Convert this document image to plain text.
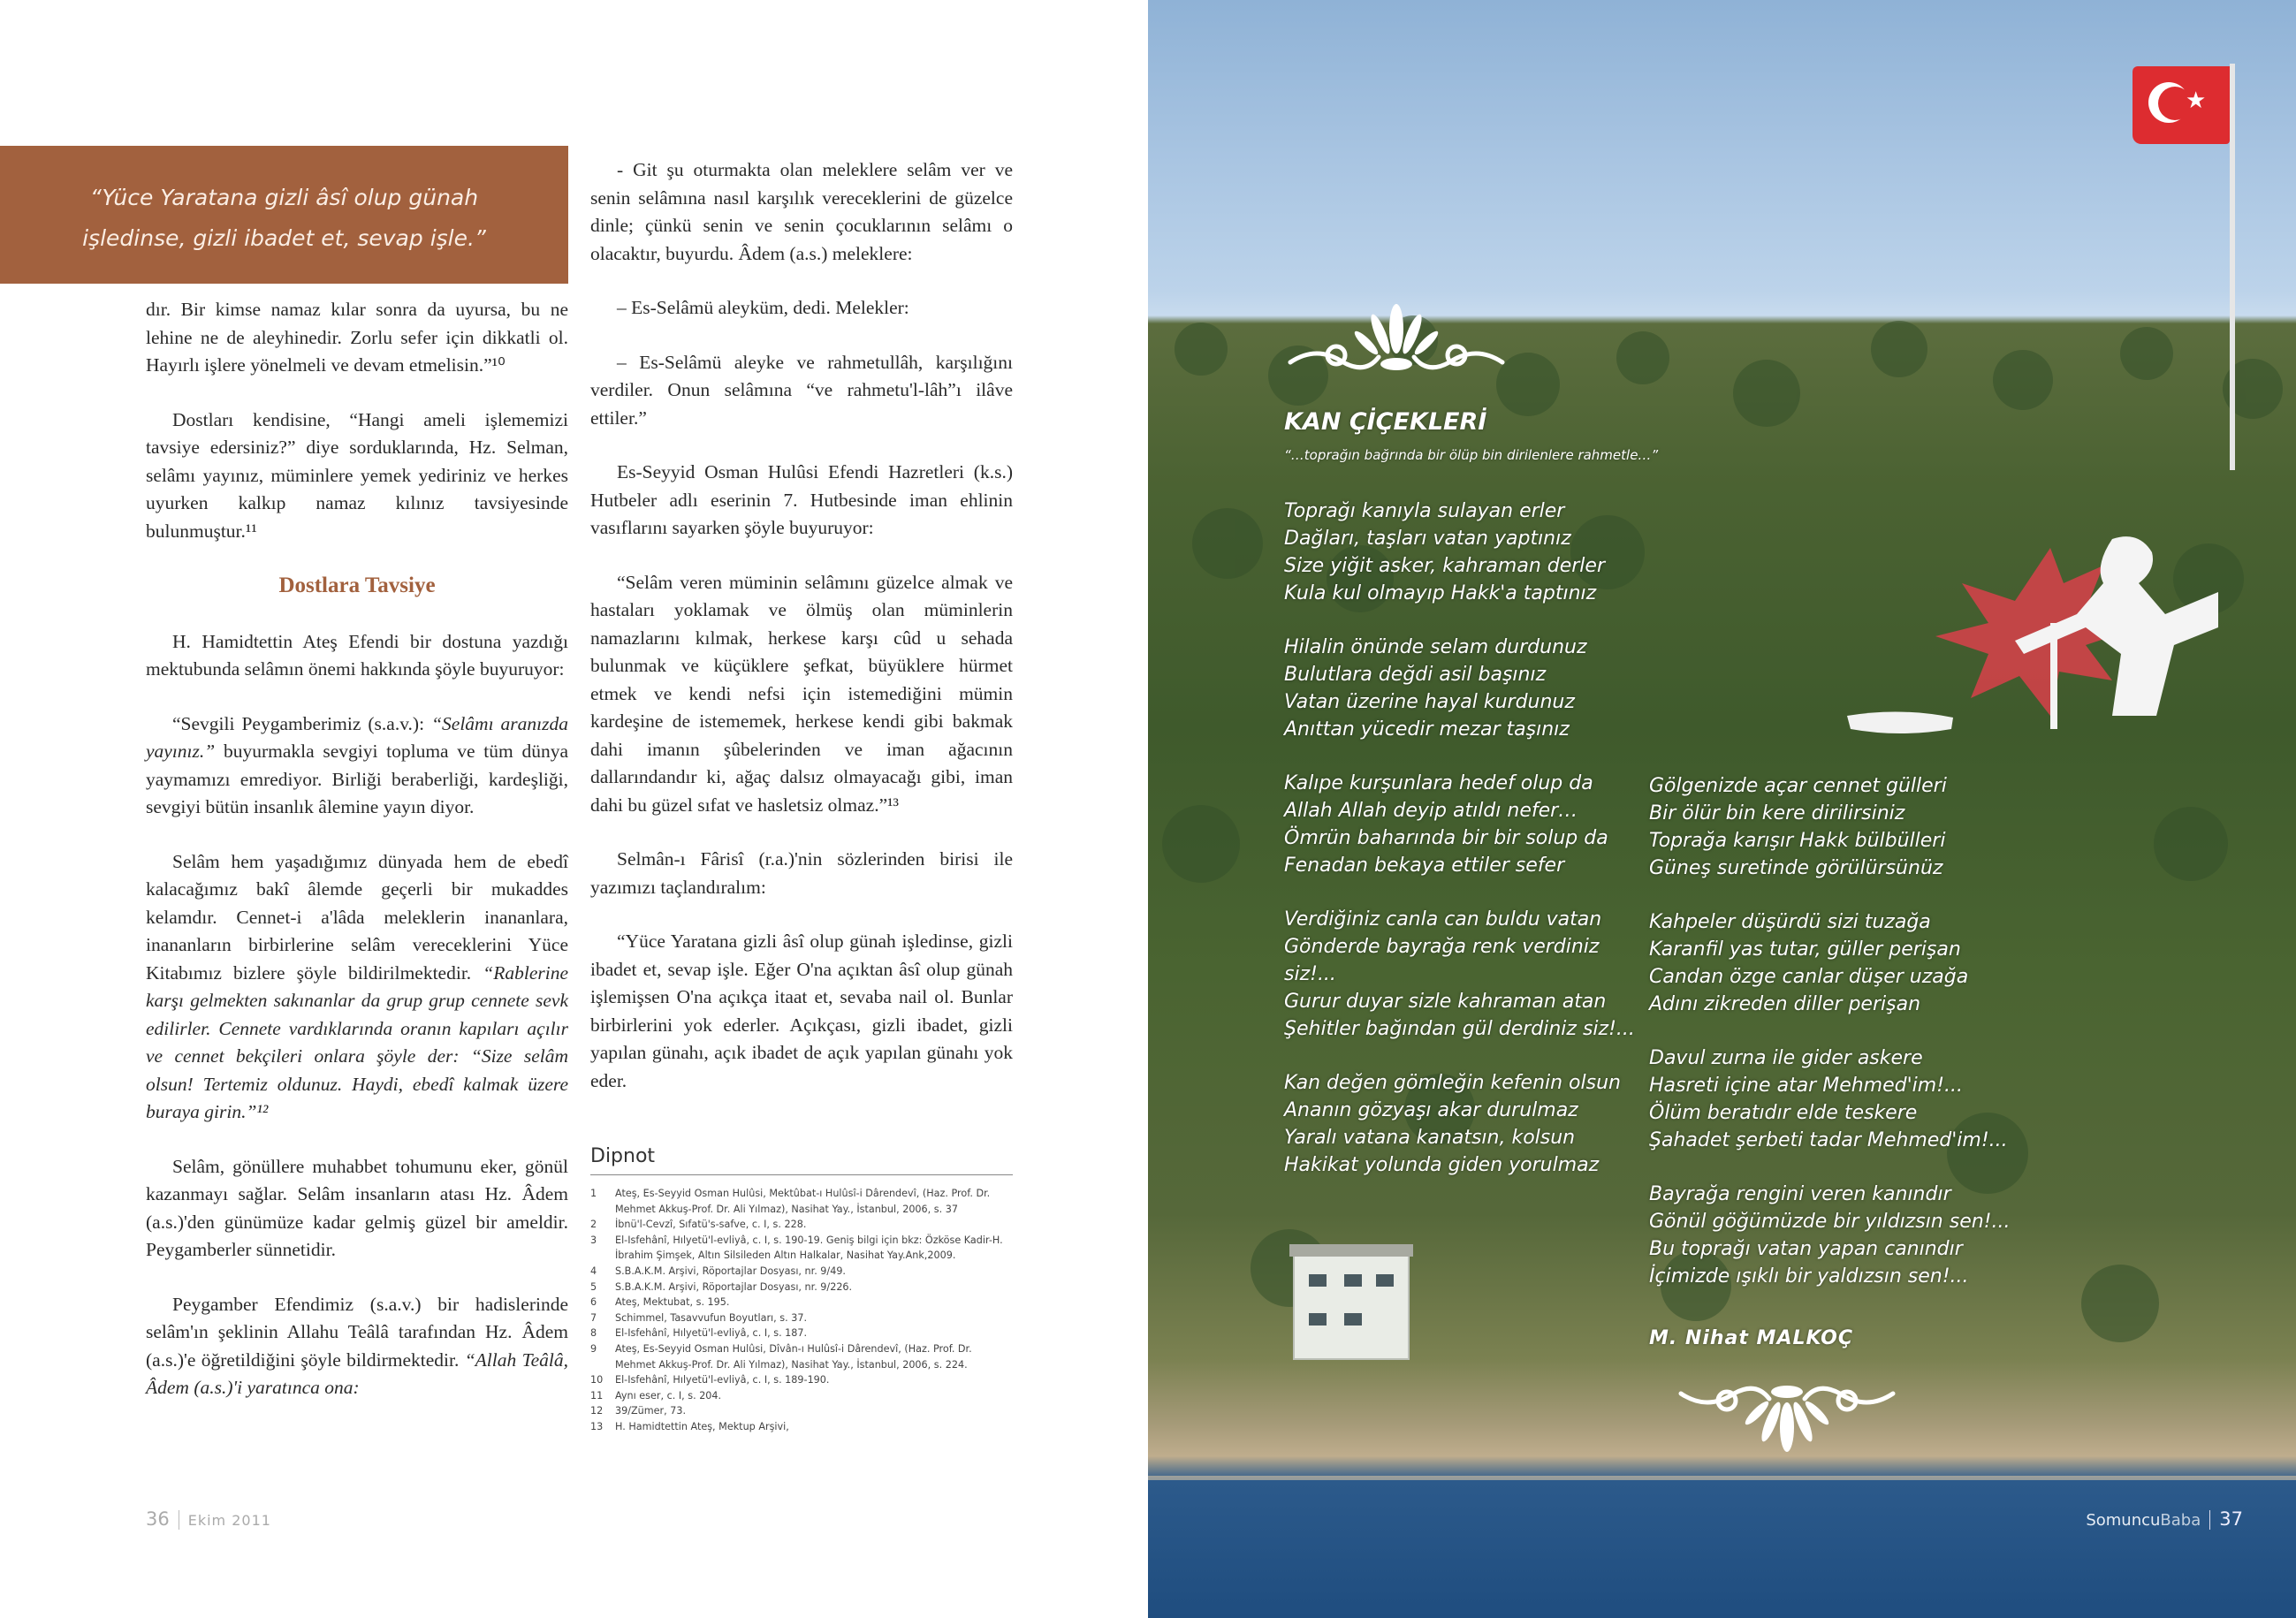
“Yüce Yaratana gizli âsî olup günah
işledinse, gizli ibadet et, sevap işle.”

dır. Bir kimse namaz kılar sonra da uyursa, bu ne lehine ne de aleyhinedir. Zorlu sefer için dikkatli ol. Hayırlı işlere yönelmeli ve devam etmelisin.”¹⁰

Dostları kendisine, “Hangi ameli işlememizi tavsiye edersiniz?” diye sorduklarında, Hz. Selman, selâmı yayınız, müminlere yemek yediriniz ve herkes uyurken kalkıp namaz kılınız tavsiyesinde bulunmuştur.¹¹

Dostlara Tavsiye

H. Hamidtettin Ateş Efendi bir dostuna yazdığı mektubunda selâmın önemi hakkında şöyle buyuruyor:

“Sevgili Peygamberimiz (s.a.v.): “Selâmı aranızda yayınız.” buyurmakla sevgiyi topluma ve tüm dünya yaymamızı emrediyor. Birliği beraberliği, kardeşliği, sevgiyi bütün insanlık âlemine yayın diyor.

Selâm hem yaşadığımız dünyada hem de ebedî kalacağımız bakî âlemde geçerli bir mukaddes kelamdır. Cennet-i a'lâda meleklerin inananlara, inananların birbirlerine selâm vereceklerini Yüce Kitabımız bizlere şöyle bildirilmektedir. “Rablerine karşı gelmekten sakınanlar da grup grup cennete sevk edilirler. Cennete vardıklarında oranın kapıları açılır ve cennet bekçileri onlara şöyle der: “Size selâm olsun! Tertemiz oldunuz. Haydi, ebedî kalmak üzere buraya girin.”¹²

Selâm, gönüllere muhabbet tohumunu eker, gönül kazanmayı sağlar. Selâm insanların atası Hz. Âdem (a.s.)'den günümüze kadar gelmiş güzel bir ameldir. Peygamberler sünnetidir.

Peygamber Efendimiz (s.a.v.) bir hadislerinde selâm'ın şeklinin Allahu Teâlâ tarafından Hz. Âdem (a.s.)'e öğretildiğini şöyle bildirmektedir. “Allah Teâlâ, Âdem (a.s.)'i yaratınca ona:

- Git şu oturmakta olan meleklere selâm ver ve senin selâmına nasıl karşılık vereceklerini de güzelce dinle; çünkü senin ve senin çocuklarının selâmı o olacaktır, buyurdu. Âdem (a.s.) meleklere:

– Es-Selâmü aleyküm, dedi. Melekler:

– Es-Selâmü aleyke ve rahmetullâh, karşılığını verdiler. Onun selâmına “ve rahmetu'l-lâh”ı ilâve ettiler.”

Es-Seyyid Osman Hulûsi Efendi Hazretleri (k.s.) Hutbeler adlı eserinin 7. Hutbesinde iman ehlinin vasıflarını sayarken şöyle buyuruyor:

“Selâm veren müminin selâmını güzelce almak ve hastaları yoklamak ve ölmüş olan müminlerin namazlarını kılmak, herkese karşı cûd u sehada bulunmak ve küçüklere şefkat, büyüklere hürmet etmek ve kendi nefsi için istemediğini mümin kardeşine de istememek, herkese kendi gibi bakmak dahi imanın şûbelerinden ve iman ağacının dallarındandır ki, ağaç dalsız olmayacağı gibi, iman dahi bu güzel sıfat ve hasletsiz olmaz.”¹³

Selmân-ı Fârisî (r.a.)'nin sözlerinden birisi ile yazımızı taçlandıralım:

“Yüce Yaratana gizli âsî olup günah işledinse, gizli ibadet et, sevap işle. Eğer O'na açıktan âsî olup günah işlemişsen O'na açıkça itaat et, sevaba nail ol. Bunlar birbirlerini yok ederler. Açıkçası, gizli ibadet, gizli yapılan günahı, açık ibadet de açık yapılan günahı yok eder.

Dipnot
1	Ateş, Es-Seyyid Osman Hulûsi, Mektûbat-ı Hulûsî-i Dârendevî, (Haz. Prof. Dr. Mehmet Akkuş-Prof. Dr. Ali Yılmaz), Nasihat Yay., İstanbul, 2006, s. 37
2	İbnü'l-Cevzî, Sıfatü's-safve, c. I, s. 228.
3	El-Isfehânî, Hılyetü'l-evliyâ, c. I, s. 190-19. Geniş bilgi için bkz: Özköse Kadir-H. İbrahim Şimşek, Altın Silsileden Altın Halkalar, Nasihat Yay.Ank,2009.
4	S.B.A.K.M. Arşivi, Röportajlar Dosyası, nr. 9/49.
5	S.B.A.K.M. Arşivi, Röportajlar Dosyası, nr. 9/226.
6	Ateş, Mektubat, s. 195.
7	Schimmel, Tasavvufun Boyutları, s. 37.
8	El-Isfehânî, Hılyetü'l-evliyâ, c. I, s. 187.
9	Ateş, Es-Seyyid Osman Hulûsi, Dîvân-ı Hulûsî-i Dârendevî, (Haz. Prof. Dr. Mehmet Akkuş-Prof. Dr. Ali Yılmaz), Nasihat Yay., İstanbul, 2006, s. 224.
10	El-Isfehânî, Hılyetü'l-evliyâ, c. I, s. 189-190.
11	Aynı eser, c. I, s. 204.
12	39/Zümer, 73.
13	H. Hamidtettin Ateş, Mektup Arşivi,
36 Ekim 2011
★
KAN ÇİÇEKLERİ
“…toprağın bağrında bir ölüp bin dirilenlere rahmetle…”

Toprağı kanıyla sulayan erler
Dağları, taşları vatan yaptınız
Size yiğit asker, kahraman derler
Kula kul olmayıp Hakk'a taptınız

Hilalin önünde selam durdunuz
Bulutlara değdi asil başınız
Vatan üzerine hayal kurdunuz
Anıttan yücedir mezar taşınız

Kalıpe kurşunlara hedef olup da
Allah Allah deyip atıldı nefer…
Ömrün baharında bir bir solup da
Fenadan bekaya ettiler sefer

Verdiğiniz canla can buldu vatan
Gönderde bayrağa renk verdiniz siz!...
Gurur duyar sizle kahraman atan
Şehitler bağından gül derdiniz siz!...

Kan değen gömleğin kefenin olsun
Ananın gözyaşı akar durulmaz
Yaralı vatana kanatsın, kolsun
Hakikat yolunda giden yorulmaz

Gölgenizde açar cennet gülleri
Bir ölür bin kere dirilirsiniz
Toprağa karışır Hakk bülbülleri
Güneş suretinde görülürsünüz

Kahpeler düşürdü sizi tuzağa
Karanfil yas tutar, güller perişan
Candan özge canlar düşer uzağa
Adını zikreden diller perişan

Davul zurna ile gider askere
Hasreti içine atar Mehmed'im!...
Ölüm beratıdır elde teskere
Şahadet şerbeti tadar Mehmed'im!...

Bayrağa rengini veren kanındır
Gönül göğümüzde bir yıldızsın sen!...
Bu toprağı vatan yapan canındır
İçimizde ışıklı bir yaldızsın sen!...

M. Nihat MALKOÇ
SomuncuBaba 37
